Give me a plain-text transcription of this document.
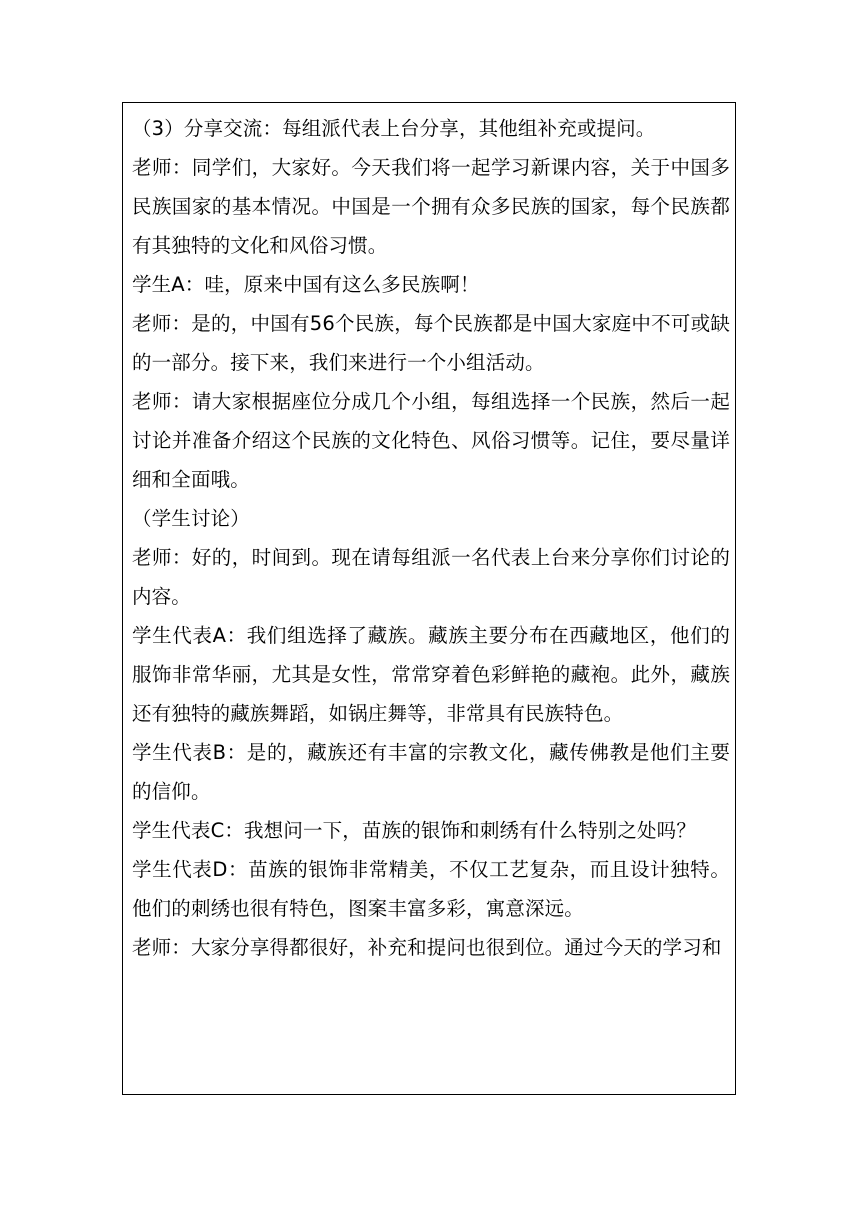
（3）分享交流：每组派代表上台分享，其他组补充或提问。

老师：同学们，大家好。今天我们将一起学习新课内容，关于中国多民族国家的基本情况。中国是一个拥有众多民族的国家，每个民族都有其独特的文化和风俗习惯。

学生A：哇，原来中国有这么多民族啊！

老师：是的，中国有56个民族，每个民族都是中国大家庭中不可或缺的一部分。接下来，我们来进行一个小组活动。

老师：请大家根据座位分成几个小组，每组选择一个民族，然后一起讨论并准备介绍这个民族的文化特色、风俗习惯等。记住，要尽量详细和全面哦。

（学生讨论）

老师：好的，时间到。现在请每组派一名代表上台来分享你们讨论的内容。

学生代表A：我们组选择了藏族。藏族主要分布在西藏地区，他们的服饰非常华丽，尤其是女性，常常穿着色彩鲜艳的藏袍。此外，藏族还有独特的藏族舞蹈，如锅庄舞等，非常具有民族特色。

学生代表B：是的，藏族还有丰富的宗教文化，藏传佛教是他们主要的信仰。

学生代表C：我想问一下，苗族的银饰和刺绣有什么特别之处吗？

学生代表D：苗族的银饰非常精美，不仅工艺复杂，而且设计独特。他们的刺绣也很有特色，图案丰富多彩，寓意深远。

老师：大家分享得都很好，补充和提问也很到位。通过今天的学习和
